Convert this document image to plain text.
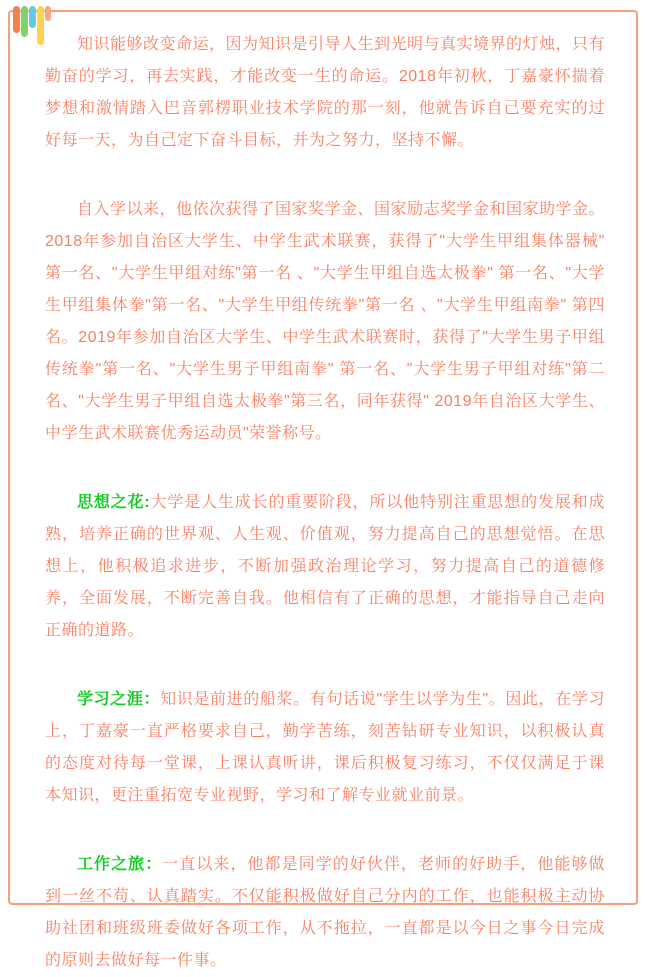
知识能够改变命运，因为知识是引导人生到光明与真实境界的灯烛，只有勤奋的学习，再去实践，才能改变一生的命运。2018年初秋，丁嘉豪怀揣着梦想和激情踏入巴音郭楞职业技术学院的那一刻，他就告诉自己要充实的过好每一天，为自己定下奋斗目标，并为之努力，坚持不懈。

自入学以来，他依次获得了国家奖学金、国家励志奖学金和国家助学金。2018年参加自治区大学生、中学生武术联赛，获得了"大学生甲组集体器械" 第一名、"大学生甲组对练"第一名 、"大学生甲组自选太极拳" 第一名、"大学生甲组集体拳"第一名、"大学生甲组传统拳"第一名 、"大学生甲组南拳" 第四名。2019年参加自治区大学生、中学生武术联赛时，获得了"大学生男子甲组传统拳"第一名、"大学生男子甲组南拳" 第一名、"大学生男子甲组对练"第二名、"大学生男子甲组自选太极拳"第三名，同年获得" 2019年自治区大学生、中学生武术联赛优秀运动员"荣誉称号。

思想之花:大学是人生成长的重要阶段，所以他特别注重思想的发展和成熟，培养正确的世界观、人生观、价值观，努力提高自己的思想觉悟。在思想上，他积极追求进步，不断加强政治理论学习，努力提高自己的道德修养，全面发展，不断完善自我。他相信有了正确的思想，才能指导自己走向正确的道路。

学习之涯：知识是前进的船桨。有句话说"学生以学为生"。因此，在学习上，丁嘉豪一直严格要求自己，勤学苦练，刻苦钻研专业知识，以积极认真的态度对待每一堂课，上课认真听讲，课后积极复习练习，不仅仅满足于课本知识，更注重拓宽专业视野，学习和了解专业就业前景。

工作之旅：一直以来，他都是同学的好伙伴，老师的好助手，他能够做到一丝不苟、认真踏实。不仅能积极做好自己分内的工作，也能积极主动协助社团和班级班委做好各项工作，从不拖拉，一直都是以今日之事今日完成的原则去做好每一件事。
